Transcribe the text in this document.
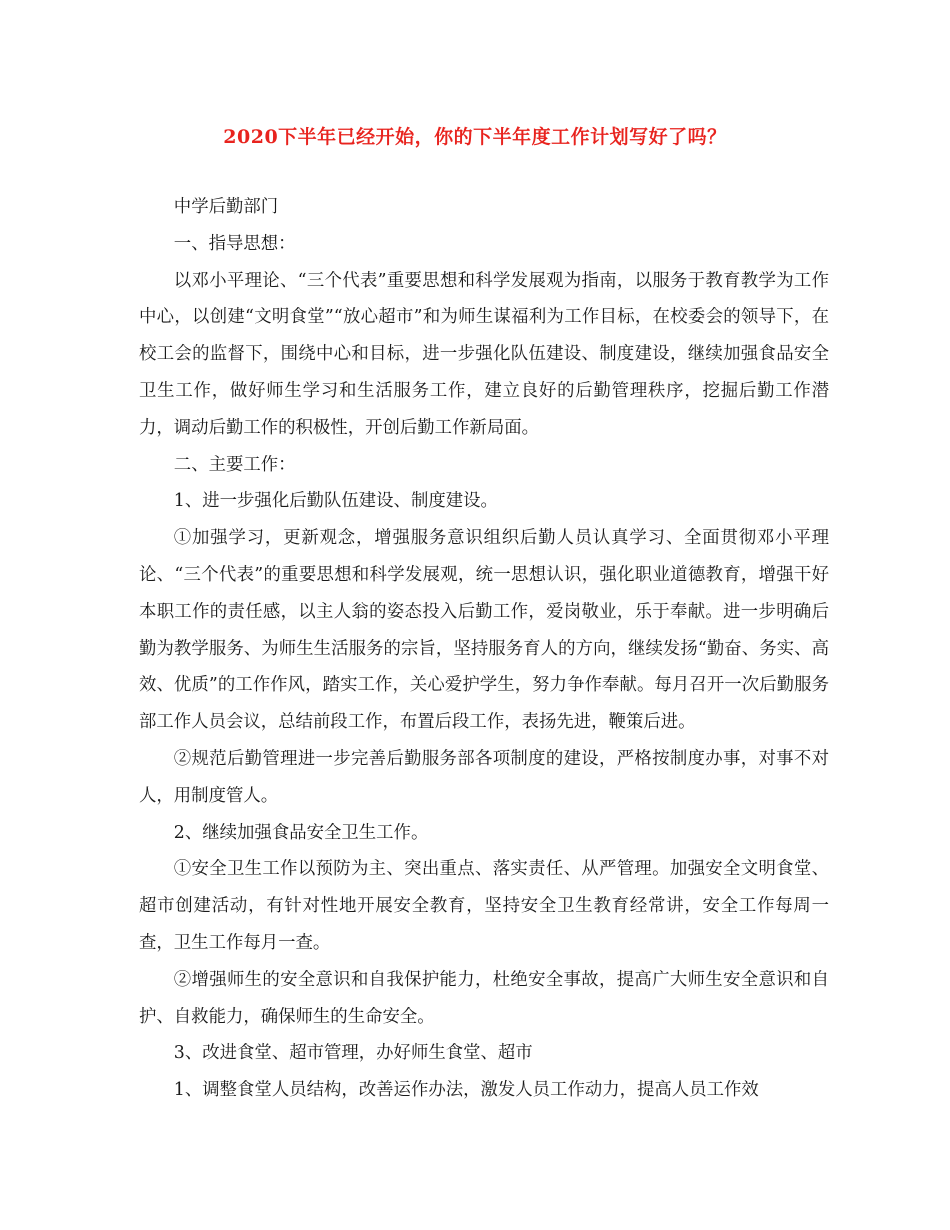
2020下半年已经开始，你的下半年度工作计划写好了吗？

中学后勤部门

一、指导思想：

以邓小平理论、“三个代表”重要思想和科学发展观为指南，以服务于教育教学为工作中心，以创建“文明食堂”“放心超市”和为师生谋福利为工作目标，在校委会的领导下，在校工会的监督下，围绕中心和目标，进一步强化队伍建设、制度建设，继续加强食品安全卫生工作，做好师生学习和生活服务工作，建立良好的后勤管理秩序，挖掘后勤工作潜力，调动后勤工作的积极性，开创后勤工作新局面。

二、主要工作：

1、进一步强化后勤队伍建设、制度建设。

①加强学习，更新观念，增强服务意识组织后勤人员认真学习、全面贯彻邓小平理论、“三个代表”的重要思想和科学发展观，统一思想认识，强化职业道德教育，增强干好本职工作的责任感，以主人翁的姿态投入后勤工作，爱岗敬业，乐于奉献。进一步明确后勤为教学服务、为师生生活服务的宗旨，坚持服务育人的方向，继续发扬“勤奋、务实、高效、优质”的工作作风，踏实工作，关心爱护学生，努力争作奉献。每月召开一次后勤服务部工作人员会议，总结前段工作，布置后段工作，表扬先进，鞭策后进。

②规范后勤管理进一步完善后勤服务部各项制度的建设，严格按制度办事，对事不对人，用制度管人。

2、继续加强食品安全卫生工作。

①安全卫生工作以预防为主、突出重点、落实责任、从严管理。加强安全文明食堂、超市创建活动，有针对性地开展安全教育，坚持安全卫生教育经常讲，安全工作每周一查，卫生工作每月一查。

②增强师生的安全意识和自我保护能力，杜绝安全事故，提高广大师生安全意识和自护、自救能力，确保师生的生命安全。

3、改进食堂、超市管理，办好师生食堂、超市

1、调整食堂人员结构，改善运作办法，激发人员工作动力，提高人员工作效
